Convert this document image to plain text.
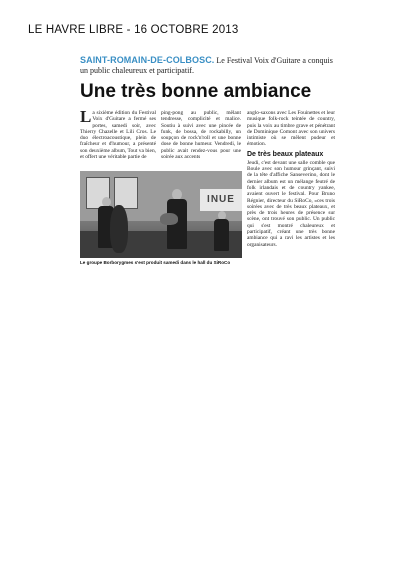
LE HAVRE LIBRE - 16 OCTOBRE 2013
SAINT-ROMAIN-DE-COLBOSC. Le Festival Voix d'Guitare a conquis un public chaleureux et participatif.
Une très bonne ambiance
L a sixième édition du Festival Voix d'Guitare a fermé ses portes, samedi soir, avec Thierry Chazelle et Lili Cros. Le duo électroacoustique, plein de fraîcheur et d'humour, a présenté son deuxième album, Tout va bien, et offert une véritable partie de

ping-pong au public, mêlant tendresse, complicité et malice. Soutiu à suivi avec une pincée de funk, de bossa, de rockabilly, un soupçon de rock'n'roll et une bonne dose de bonne humeur. Vendredi, le public avait rendez-vous pour une soirée aux accents

anglo-saxons avec Les Fouinettes et leur musique folk-rock teintée de country, puis la voix au timbre grave et pénétrant de Dominique Comont avec son univers intimiste où se mêlent pudeur et émotion.

De très beaux plateaux

Jeudi, c'est devant une salle comble que Boule avec son humour grinçant, suivi de la tête d'affiche Sanseverino, dont le dernier album est un mélange feutré de folk irlandais et de country yankee, avaient ouvert le festival. Pour Bruno Régnier, directeur du SiRoCo, «ces trois soirées avec de très beaux plateaux, et près de trois heures de présence sur scène, ont trouvé son public. Un public qui s'est montré chaleureux et participatif, créant une très bonne ambiance qui a ravi les artistes et les organisateurs.

INUE
Le groupe Borborygmes s'est produit samedi dans le hall du SiRoCo
